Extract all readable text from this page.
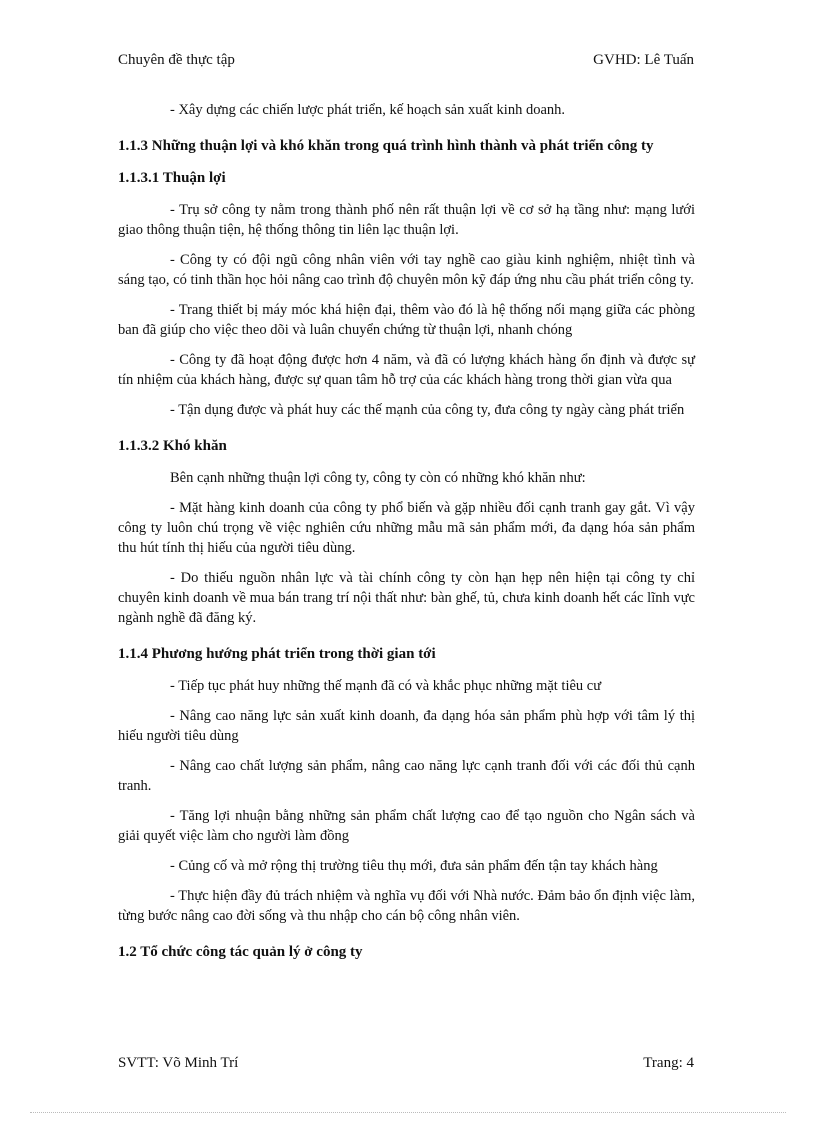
Chuyên đề thực tập	GVHD: Lê Tuấn

- Xây dựng các chiến lược phát triển, kế hoạch sản xuất kinh doanh.

1.1.3 Những thuận lợi và khó khăn trong quá trình hình thành và phát triển công ty
1.1.3.1 Thuận lợi

- Trụ sở công ty nằm trong thành phố nên rất thuận lợi về cơ sở hạ tầng như: mạng lưới giao thông thuận tiện, hệ thống thông tin liên lạc thuận lợi.

- Công ty có đội ngũ công nhân viên với tay nghề cao giàu kinh nghiệm, nhiệt tình và sáng tạo, có tinh thần học hỏi nâng cao trình độ chuyên môn kỹ đáp ứng nhu cầu phát triển công ty.

- Trang thiết bị máy móc khá hiện đại, thêm vào đó là hệ thống nối mạng giữa các phòng ban đã giúp cho việc theo dõi và luân chuyển chứng từ thuận lợi, nhanh chóng

- Công ty đã hoạt động được hơn 4 năm, và đã có lượng khách hàng ổn định và được sự tín nhiệm của khách hàng, được sự quan tâm hỗ trợ của các khách hàng trong thời gian vừa qua

- Tận dụng được và phát huy các thế mạnh của công ty, đưa công ty ngày càng phát triển

1.1.3.2 Khó khăn

Bên cạnh những thuận lợi công ty, công ty còn có những khó khăn như:

- Mặt hàng kinh doanh của công ty phổ biến và gặp nhiều đối cạnh tranh gay gắt. Vì vậy công ty luôn chú trọng về việc nghiên cứu những mẫu mã sản phẩm mới, đa dạng hóa sản phẩm thu hút tính thị hiếu của người tiêu dùng.

- Do thiếu nguồn nhân lực và tài chính công ty còn hạn hẹp nên hiện tại công ty chỉ chuyên kinh doanh về mua bán trang trí nội thất như: bàn ghế, tủ, chưa kinh doanh hết các lĩnh vực ngành nghề đã đăng ký.

1.1.4 Phương hướng phát triển trong thời gian tới

- Tiếp tục phát huy những thế mạnh đã có và khắc phục những mặt tiêu cư

- Nâng cao năng lực sản xuất kinh doanh, đa dạng hóa sản phẩm phù hợp với tâm lý thị hiếu người tiêu dùng

- Nâng cao chất lượng sản phẩm, nâng cao năng lực cạnh tranh đối với các đối thủ cạnh tranh.

- Tăng lợi nhuận bằng những sản phẩm chất lượng cao để tạo nguồn cho Ngân sách và giải quyết việc làm cho người làm đồng

- Củng cố và mở rộng thị trường tiêu thụ mới, đưa sản phẩm đến tận tay khách hàng

- Thực hiện đầy đủ trách nhiệm và nghĩa vụ đối với Nhà nước. Đảm bảo ổn định việc làm, từng bước nâng cao đời sống và thu nhập cho cán bộ công nhân viên.

1.2 Tổ chức công tác quản lý ở công ty
SVTT: Võ Minh Trí	Trang: 4
